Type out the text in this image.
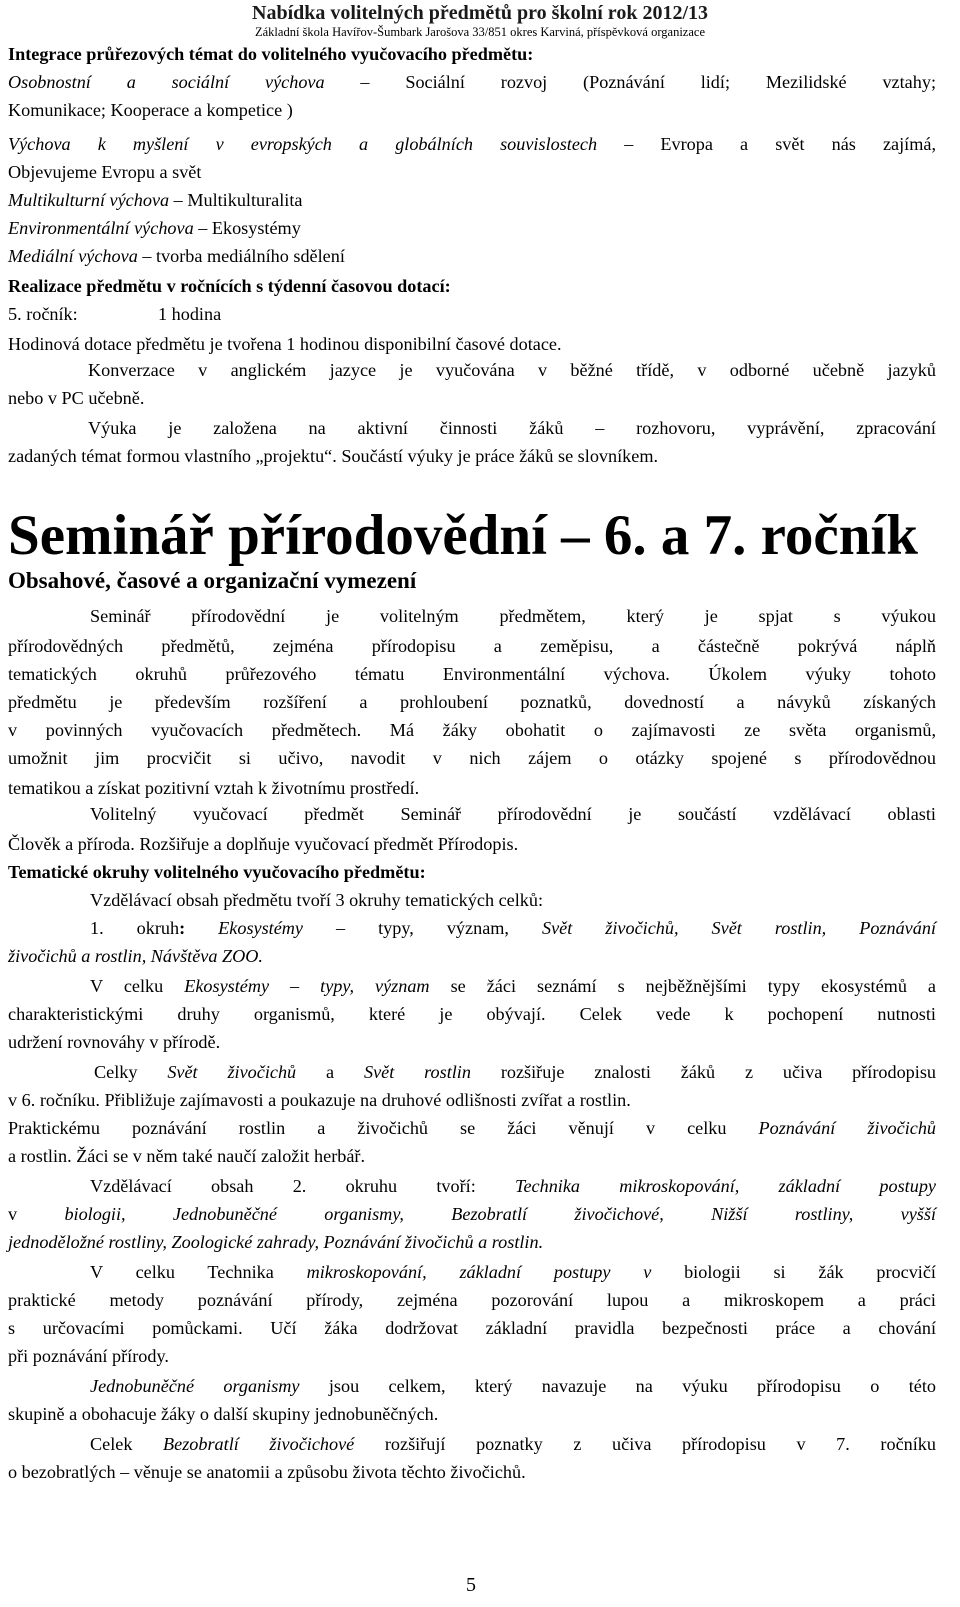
Nabídka volitelných předmětů pro školní rok 2012/13
Základní škola Havířov-Šumbark Jarošova 33/851 okres Karviná, příspěvková organizace
Integrace průřezových témat do volitelného vyučovacího předmětu:
Osobnostní a sociální výchova – Sociální rozvoj (Poznávání lidí; Mezilidské vztahy;
Komunikace; Kooperace a kompetice )
Výchova k myšlení v evropských a globálních souvislostech – Evropa a svět nás zajímá,
Objevujeme Evropu a svět
Multikulturní výchova – Multikulturalita
Environmentální výchova – Ekosystémy
Mediální výchova – tvorba mediálního sdělení
Realizace předmětu v ročnících s týdenní časovou dotací:
5. ročník:	1 hodina
Hodinová dotace předmětu je tvořena 1 hodinou disponibilní časové dotace.
Konverzace v anglickém jazyce je vyučována v běžné třídě, v odborné učebně jazyků
nebo v PC učebně.
Výuka je založena na aktivní činnosti žáků – rozhovoru, vyprávění, zpracování
zadaných témat formou vlastního „projektu“. Součástí výuky je práce žáků se slovníkem.
Seminář přírodovědní – 6. a 7. ročník
Obsahové, časové a organizační vymezení
Seminář přírodovědní je volitelným předmětem, který je spjat s výukou
přírodovědných předmětů, zejména přírodopisu a zeměpisu, a částečně pokrývá náplň
tematických okruhů průřezového tématu Environmentální výchova. Úkolem výuky tohoto
předmětu je především rozšíření a prohloubení poznatků, dovedností a návyků získaných
v povinných vyučovacích předmětech. Má žáky obohatit o zajímavosti ze světa organismů,
umožnit jim procvičit si učivo, navodit v nich zájem o otázky spojené s přírodovědnou
tematikou a získat pozitivní vztah k životnímu prostředí.
Volitelný vyučovací předmět Seminář přírodovědní je součástí vzdělávací oblasti
Člověk a příroda. Rozšiřuje a doplňuje vyučovací předmět Přírodopis.
Tematické okruhy volitelného vyučovacího předmětu:
Vzdělávací obsah předmětu tvoří 3 okruhy tematických celků:
1. okruh: Ekosystémy – typy, význam, Svět živočichů, Svět rostlin, Poznávání
živočichů a rostlin, Návštěva ZOO.
V celku Ekosystémy – typy, význam se žáci seznámí s nejběžnějšími typy ekosystémů a
charakteristickými druhy organismů, které je obývají. Celek vede k pochopení nutnosti
udržení rovnováhy v přírodě.
Celky Svět živočichů a Svět rostlin rozšiřuje znalosti žáků z učiva přírodopisu
v 6. ročníku. Přibližuje zajímavosti a poukazuje na druhové odlišnosti zvířat a rostlin.
Praktickému poznávání rostlin a živočichů se žáci věnují v celku Poznávání živočichů
a rostlin. Žáci se v něm také naučí založit herbář.
Vzdělávací obsah 2. okruhu tvoří: Technika mikroskopování, základní postupy
v biologii, Jednobuněčné organismy, Bezobratlí živočichové, Nižší rostliny, vyšší
jednoděložné rostliny, Zoologické zahrady, Poznávání živočichů a rostlin.
V celku Technika mikroskopování, základní postupy v biologii si žák procvičí
praktické metody poznávání přírody, zejména pozorování lupou a mikroskopem a práci
s určovacími pomůckami. Učí žáka dodržovat základní pravidla bezpečnosti práce a chování
při poznávání přírody.
Jednobuněčné organismy jsou celkem, který navazuje na výuku přírodopisu o této
skupině a obohacuje žáky o další skupiny jednobuněčných.
Celek Bezobratlí živočichové rozšiřují poznatky z učiva přírodopisu v 7. ročníku
o bezobratlých – věnuje se anatomii a způsobu života těchto živočichů.
5
